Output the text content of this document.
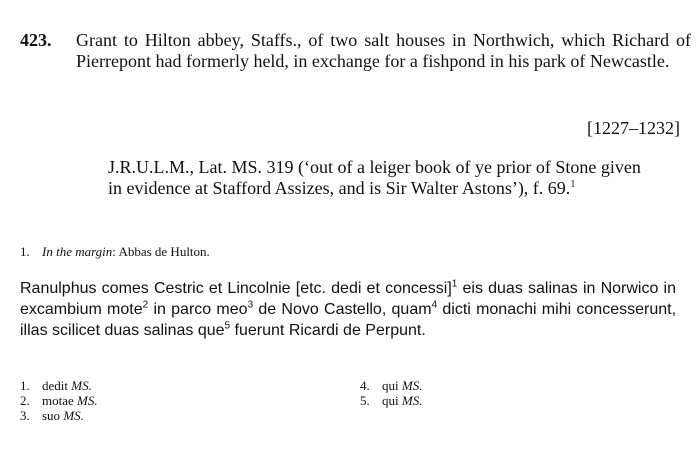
423. Grant to Hilton abbey, Staffs., of two salt houses in Northwich, which Richard of Pierrepont had formerly held, in exchange for a fishpond in his park of Newcastle.
[1227–1232]
J.R.U.L.M., Lat. MS. 319 (‘out of a leiger book of ye prior of Stone given in evidence at Stafford Assizes, and is Sir Walter Astons’), f. 69.$^1$
1. In the margin: Abbas de Hulton.
Ranulphus comes Cestric et Lincolnie [etc. dedi et concessi]$^1$ eis duas salinas in Norwico in excambium mote$^2$ in parco meo$^3$ de Novo Castello, quam$^4$ dicti monachi mihi concesserunt, illas scilicet duas salinas que$^5$ fuerunt Ricardi de Perpunt.
1. dedit MS.
2. motae MS.
3. suo MS.
4. qui MS.
5. qui MS.
